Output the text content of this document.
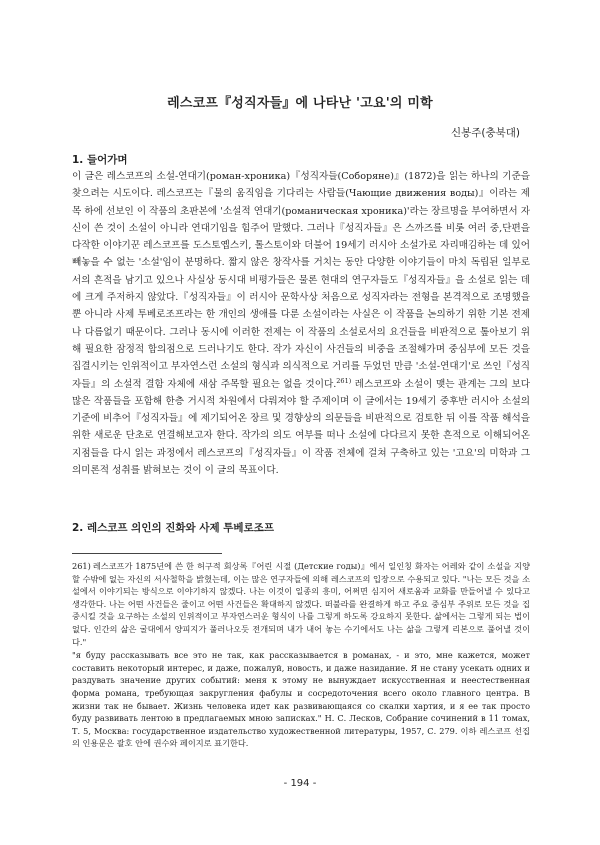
레스코프『성직자들』에 나타난 '고요'의 미학
신봉주(충북대)
1. 들어가며
이 글은 레스코프의 소설-연대기(роман-хроника)『성직자들(Соборяне)』(1872)을 읽는 하나의 기준을 찾으려는 시도이다. 레스코프는『물의 움직임을 기다리는 사람들(Чающие движения воды)』이라는 제목 하에 선보인 이 작품의 초판본에 '소설적 연대기(романическая хроника)'라는 장르명을 부여하면서 자신이 쓴 것이 소설이 아니라 연대기임을 힘주어 말했다. 그러나『성직자들』은 스까즈를 비롯 여러 중,단편을 다작한 이야기꾼 레스코프를 도스토옙스키, 톨스토이와 더불어 19세기 러시아 소설가로 자리매김하는 데 있어 빼놓을 수 없는 '소설'임이 분명하다. 짧지 않은 창작사를 거치는 동안 다양한 이야기들이 마치 독립된 일부로서의 흔적을 남기고 있으나 사실상 동시대 비평가들은 물론 현대의 연구자들도『성직자들』을 소설로 읽는 데에 크게 주저하지 않았다.『성직자들』이 러시아 문학사상 처음으로 성직자라는 전형을 본격적으로 조명했을 뿐 아니라 사제 투베로조프라는 한 개인의 생애를 다룬 소설이라는 사실은 이 작품을 논의하기 위한 기본 전제나 다름없기 때문이다. 그러나 동시에 이러한 전제는 이 작품의 소설로서의 요건들을 비판적으로 톺아보기 위해 필요한 잠정적 합의점으로 드러나기도 한다. 작가 자신이 사건들의 비중을 조절해가며 중심부에 모든 것을 집결시키는 인위적이고 부자연스런 소설의 형식과 의식적으로 거리를 두었던 만큼 '소설-연대기'로 쓰인『성직자들』의 소설적 결함 자체에 새삼 주목할 필요는 없을 것이다.$^{261)}$ 레스코프와 소설이 맺는 관계는 그의 보다 많은 작품들을 포함해 한층 거시적 차원에서 다뤄져야 할 주제이며 이 글에서는 19세기 중후반 러시아 소설의 기준에 비추어『성직자들』에 제기되어온 장르 및 경향상의 의문들을 비판적으로 검토한 뒤 이를 작품 해석을 위한 새로운 단초로 연결해보고자 한다. 작가의 의도 여부를 떠나 소설에 다다르지 못한 흔적으로 이해되어온 지점들을 다시 읽는 과정에서 레스코프의『성직자들』이 작품 전체에 걸쳐 구축하고 있는 '고요'의 미학과 그 의미론적 성취를 밝혀보는 것이 이 글의 목표이다.
2. 레스코프 의인의 진화와 사제 투베로조프
261) 레스코프가 1875년에 쓴 한 허구적 회상록『어린 시절 (Детские годы)』에서 일인칭 화자는 어레와 같이 소설을 지양할 수밖에 없는 자신의 서사철학을 밝혔는데, 이는 많은 연구자들에 의해 레스코프의 입장으로 수용되고 있다. "나는 모든 것을 소설에서 이야기되는 방식으로 이야기하지 않겠다. 나는 이것이 일종의 흥미, 어쩌면 심지어 새로움과 교화를 만들어낼 수 있다고 생각한다. 나는 어떤 사건들은 줄이고 어떤 사건들은 확대하지 않겠다. 떠불라를 완결하게 하고 주요 중심부 주위로 모든 것을 집중시킬 것을 요구하는 소설의 인위적이고 부자연스러운 형식이 나를 그렇게 하도록 강요하지 못한다. 삶에서는 그렇게 되는 법이 없다. 인간의 삶은 굴대에서 양피지가 풀러나오듯 전개되며 내가 내어 놓는 수기에서도 나는 삶을 그렇게 리본으로 풀어낼 것이다."
"я буду рассказывать все это не так, как рассказывается в романах, - и это, мне кажется, может составить некоторый интерес, и даже, пожалуй, новость, и даже назидание. Я не стану усекать одних и раздувать значение других событий: меня к этому не вынуждает искусственная и неестественная форма романа, требующая закругления фабулы и сосредоточения всего около главного центра. В жизни так не бывает. Жизнь человека идет как развивающаяся со скалки хартия, и я ее так просто буду развивать лентою в предлагаемых мною записках." Н. С. Лесков, Собрание сочинений в 11 томах, Т. 5, Москва: государственное издательство художественной литературы, 1957, С. 279. 이하 레스코프 선집의 인용문은 괄호 안에 권수와 페이지로 표기한다.
- 194 -
